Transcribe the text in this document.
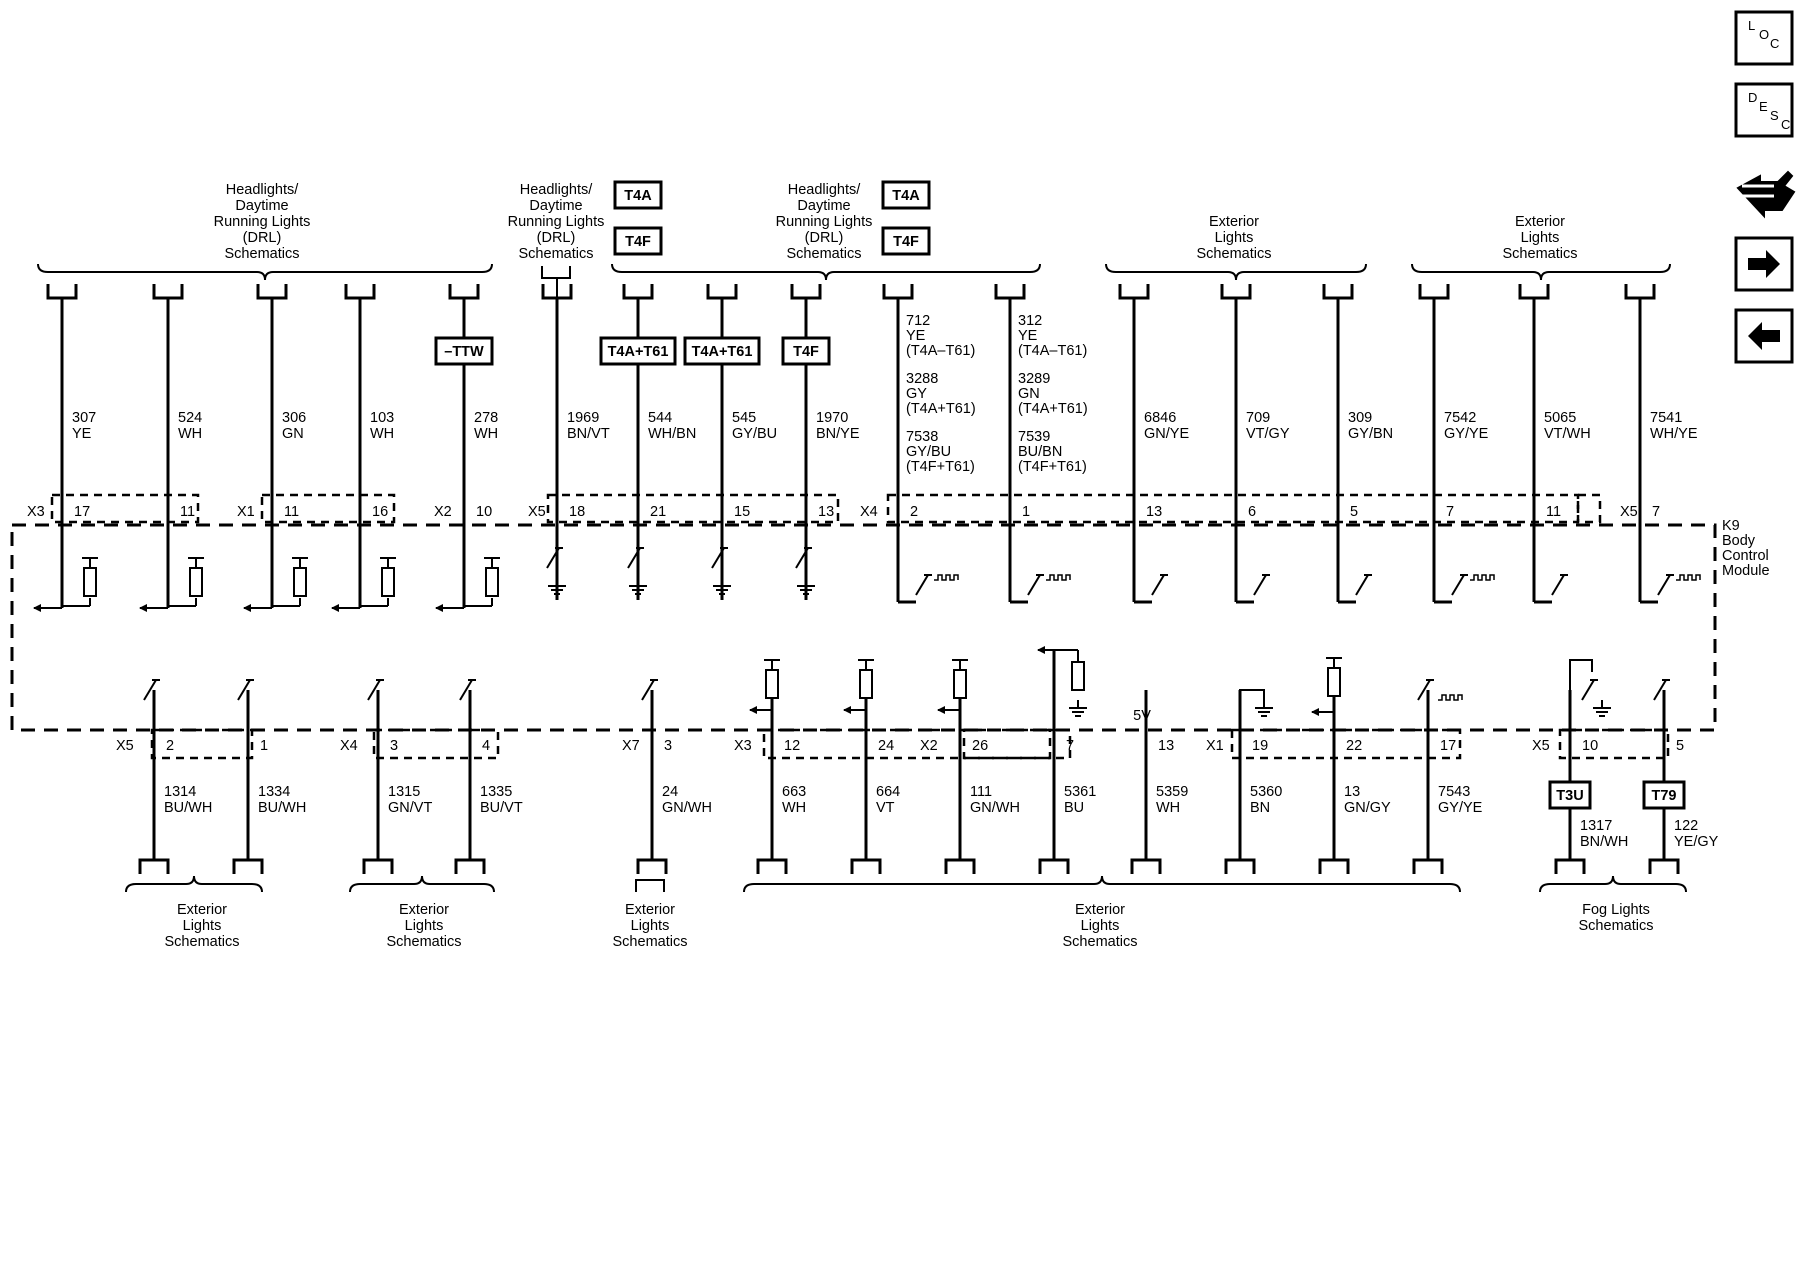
L
O
C
D
E
S
C
K9
Body
Control
Module
X3	X1	X2	X5	X4	X5
17
307
YE
11
524
WH
11
306
GN
16
103
WH
10
278
WH
–TTW
18
1969
BN/VT
21
544
WH/BN
T4A+T61
15
545
GY/BU
T4A+T61
13
1970
BN/YE
T4F
2
712
YE
(T4A–T61)
3288
GY
(T4A+T61)
7538
GY/BU
(T4F+T61)
1
312
YE
(T4A–T61)
3289
GN
(T4A+T61)
7539
BU/BN
(T4F+T61)
13
6846
GN/YE
6
709
VT/GY
5
309
GY/BN
7
7542
GY/YE
11
5065
VT/WH
7
7541
WH/YE
Headlights/
Daytime
Running Lights
(DRL)
Schematics
Headlights/
Daytime
Running Lights
(DRL)
Schematics
Headlights/
Daytime
Running Lights
(DRL)
Schematics
Exterior
Lights
Schematics
Exterior
Lights
Schematics
T4A
T4F
T4A
T4F
X5	X4	X7	X3	X2	X1	X5
2
1314
BU/WH
1
1334
BU/WH
3
1315
GN/VT
4
1335
BU/VT
3
24
GN/WH
12
663
WH
24
664
VT
26
111
GN/WH
7
5361
BU
13
5359
WH
5V
19
5360
BN
22
13
GN/GY
17
7543
GY/YE
10
1317
BN/WH
T3U
5
122
YE/GY
T79
Exterior
Lights
Schematics
Exterior
Lights
Schematics
Exterior
Lights
Schematics
Exterior
Lights
Schematics
Fog Lights
Schematics
